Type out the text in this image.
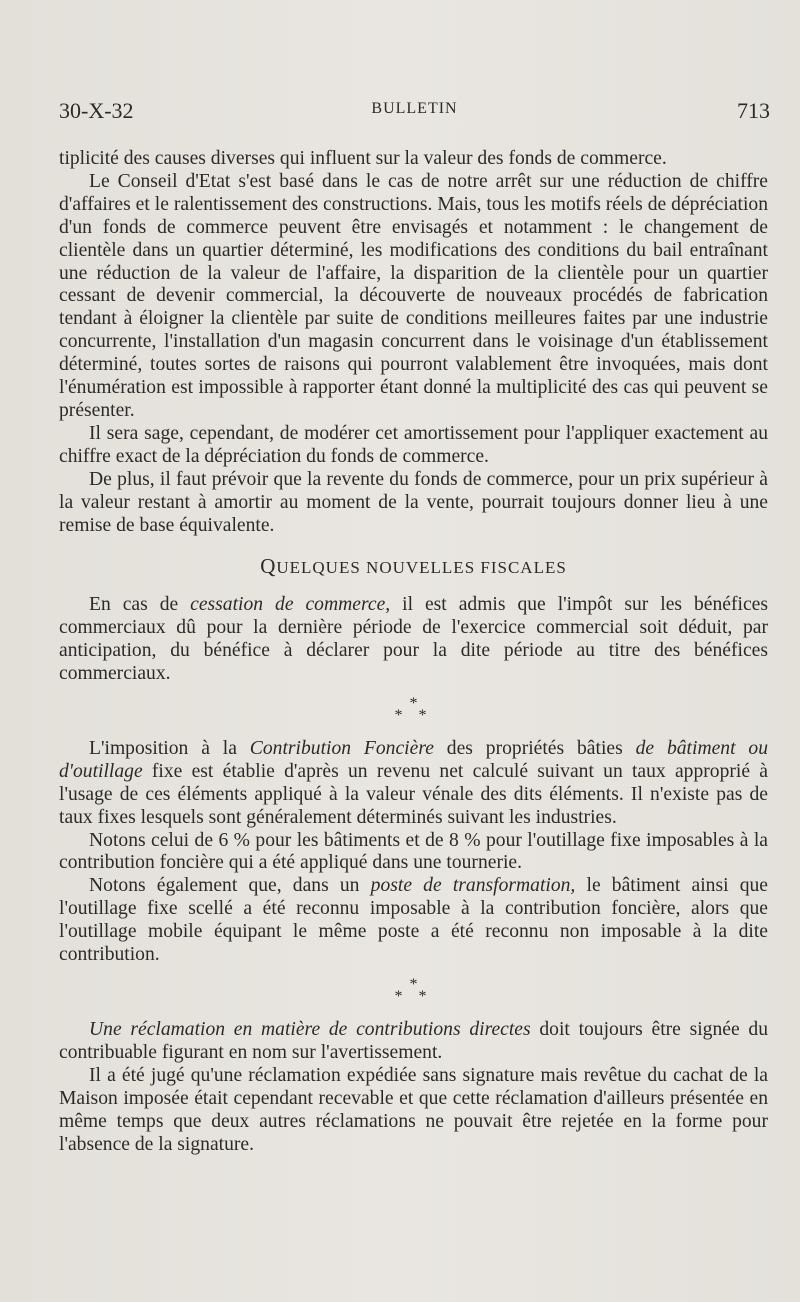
30-X-32	BULLETIN	713

tiplicité des causes diverses qui influent sur la valeur des fonds de commerce.

Le Conseil d'Etat s'est basé dans le cas de notre arrêt sur une réduction de chiffre d'affaires et le ralentissement des constructions. Mais, tous les motifs réels de dépréciation d'un fonds de commerce peuvent être envisagés et notamment : le changement de clientèle dans un quartier déterminé, les modifications des conditions du bail entraînant une réduction de la valeur de l'affaire, la disparition de la clientèle pour un quartier cessant de devenir commercial, la découverte de nouveaux procédés de fabrication tendant à éloigner la clientèle par suite de conditions meilleures faites par une industrie concurrente, l'installation d'un magasin concurrent dans le voisinage d'un établissement déterminé, toutes sortes de raisons qui pourront valablement être invoquées, mais dont l'énumération est impossible à rapporter étant donné la multiplicité des cas qui peuvent se présenter.

Il sera sage, cependant, de modérer cet amortissement pour l'appliquer exactement au chiffre exact de la dépréciation du fonds de commerce.

De plus, il faut prévoir que la revente du fonds de commerce, pour un prix supérieur à la valeur restant à amortir au moment de la vente, pourrait toujours donner lieu à une remise de base équivalente.

QUELQUES NOUVELLES FISCALES

En cas de cessation de commerce, il est admis que l'impôt sur les bénéfices commerciaux dû pour la dernière période de l'exercice commercial soit déduit, par anticipation, du bénéfice à déclarer pour la dite période au titre des bénéfices commerciaux.

*
* *

L'imposition à la Contribution Foncière des propriétés bâties de bâtiment ou d'outillage fixe est établie d'après un revenu net calculé suivant un taux approprié à l'usage de ces éléments appliqué à la valeur vénale des dits éléments. Il n'existe pas de taux fixes lesquels sont généralement déterminés suivant les industries.

Notons celui de 6 % pour les bâtiments et de 8 % pour l'outillage fixe imposables à la contribution foncière qui a été appliqué dans une tournerie.

Notons également que, dans un poste de transformation, le bâtiment ainsi que l'outillage fixe scellé a été reconnu imposable à la contribution foncière, alors que l'outillage mobile équipant le même poste a été reconnu non imposable à la dite contribution.

*
* *

Une réclamation en matière de contributions directes doit toujours être signée du contribuable figurant en nom sur l'avertissement.

Il a été jugé qu'une réclamation expédiée sans signature mais revêtue du cachat de la Maison imposée était cependant recevable et que cette réclamation d'ailleurs présentée en même temps que deux autres réclamations ne pouvait être rejetée en la forme pour l'absence de la signature.
